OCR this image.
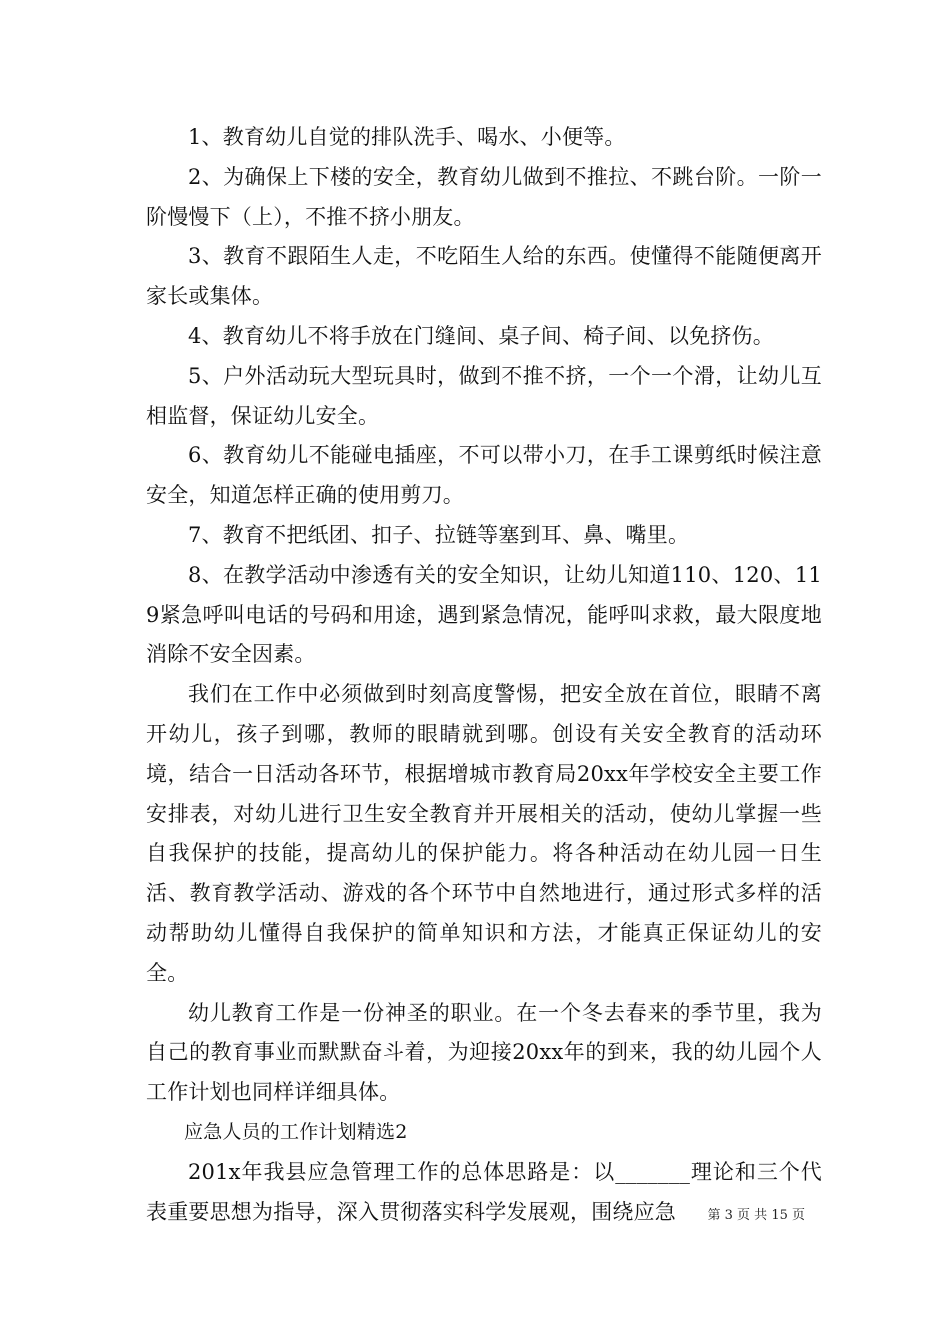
1、教育幼儿自觉的排队洗手、喝水、小便等。

2、为确保上下楼的安全，教育幼儿做到不推拉、不跳台阶。一阶一阶慢慢下（上），不推不挤小朋友。

3、教育不跟陌生人走，不吃陌生人给的东西。使懂得不能随便离开家长或集体。

4、教育幼儿不将手放在门缝间、桌子间、椅子间、以免挤伤。

5、户外活动玩大型玩具时，做到不推不挤，一个一个滑，让幼儿互相监督，保证幼儿安全。

6、教育幼儿不能碰电插座，不可以带小刀，在手工课剪纸时候注意安全，知道怎样正确的使用剪刀。

7、教育不把纸团、扣子、拉链等塞到耳、鼻、嘴里。

8、在教学活动中渗透有关的安全知识，让幼儿知道110、120、119紧急呼叫电话的号码和用途，遇到紧急情况，能呼叫求救，最大限度地消除不安全因素。

我们在工作中必须做到时刻高度警惕，把安全放在首位，眼睛不离开幼儿，孩子到哪，教师的眼睛就到哪。创设有关安全教育的活动环境，结合一日活动各环节，根据增城市教育局20xx年学校安全主要工作安排表，对幼儿进行卫生安全教育并开展相关的活动，使幼儿掌握一些自我保护的技能，提高幼儿的保护能力。将各种活动在幼儿园一日生活、教育教学活动、游戏的各个环节中自然地进行，通过形式多样的活动帮助幼儿懂得自我保护的简单知识和方法，才能真正保证幼儿的安全。

幼儿教育工作是一份神圣的职业。在一个冬去春来的季节里，我为自己的教育事业而默默奋斗着，为迎接20xx年的到来，我的幼儿园个人工作计划也同样详细具体。

应急人员的工作计划精选2

201x年我县应急管理工作的总体思路是：以_______理论和三个代表重要思想为指导，深入贯彻落实科学发展观，围绕应急	第 3 页 共 15 页
